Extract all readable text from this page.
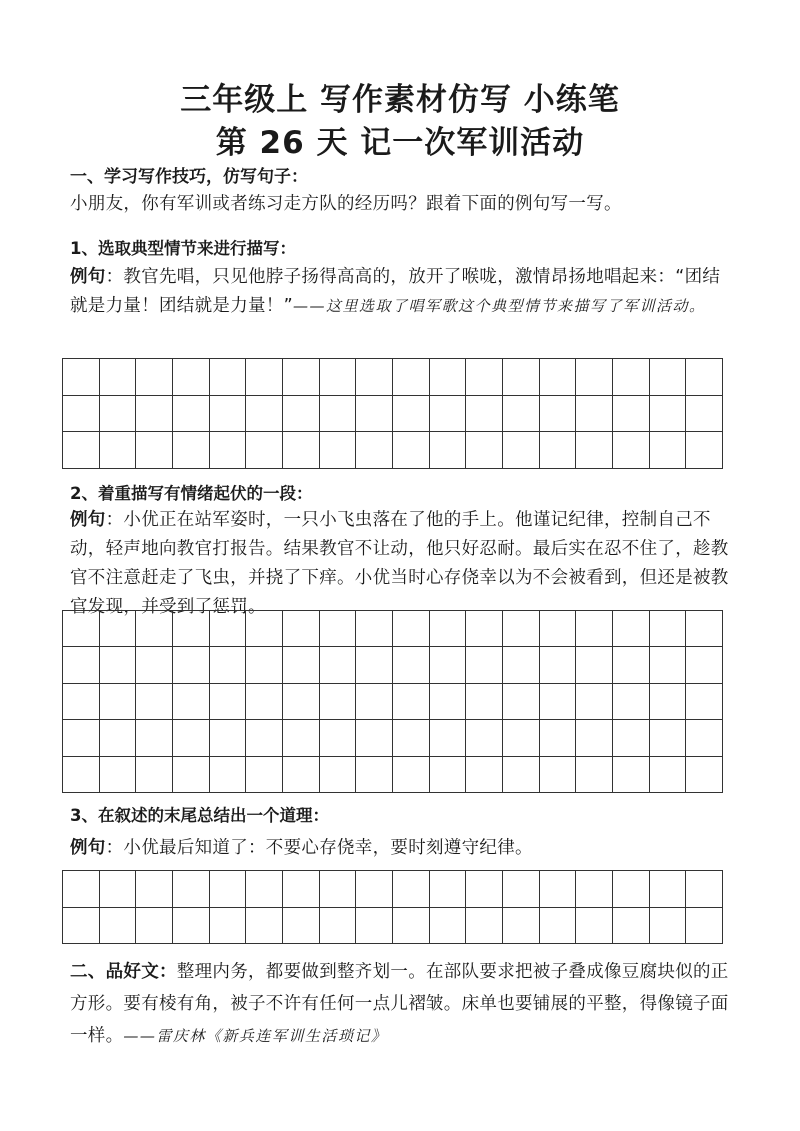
三年级上 写作素材仿写 小练笔
第 26 天 记一次军训活动
一、学习写作技巧，仿写句子：
小朋友，你有军训或者练习走方队的经历吗？跟着下面的例句写一写。
1、选取典型情节来进行描写：
例句：教官先唱，只见他脖子扬得高高的，放开了喉咙，激情昂扬地唱起来：“团结就是力量！团结就是力量！”——这里选取了唱军歌这个典型情节来描写了军训活动。
2、着重描写有情绪起伏的一段：
例句：小优正在站军姿时，一只小飞虫落在了他的手上。他谨记纪律，控制自己不动，轻声地向教官打报告。结果教官不让动，他只好忍耐。最后实在忍不住了，趁教官不注意赶走了飞虫，并挠了下痒。小优当时心存侥幸以为不会被看到，但还是被教官发现，并受到了惩罚。
3、在叙述的末尾总结出一个道理：
例句：小优最后知道了：不要心存侥幸，要时刻遵守纪律。
二、品好文：整理内务，都要做到整齐划一。在部队要求把被子叠成像豆腐块似的正方形。要有棱有角，被子不许有任何一点儿褶皱。床单也要铺展的平整，得像镜子面一样。——雷庆林《新兵连军训生活琐记》
